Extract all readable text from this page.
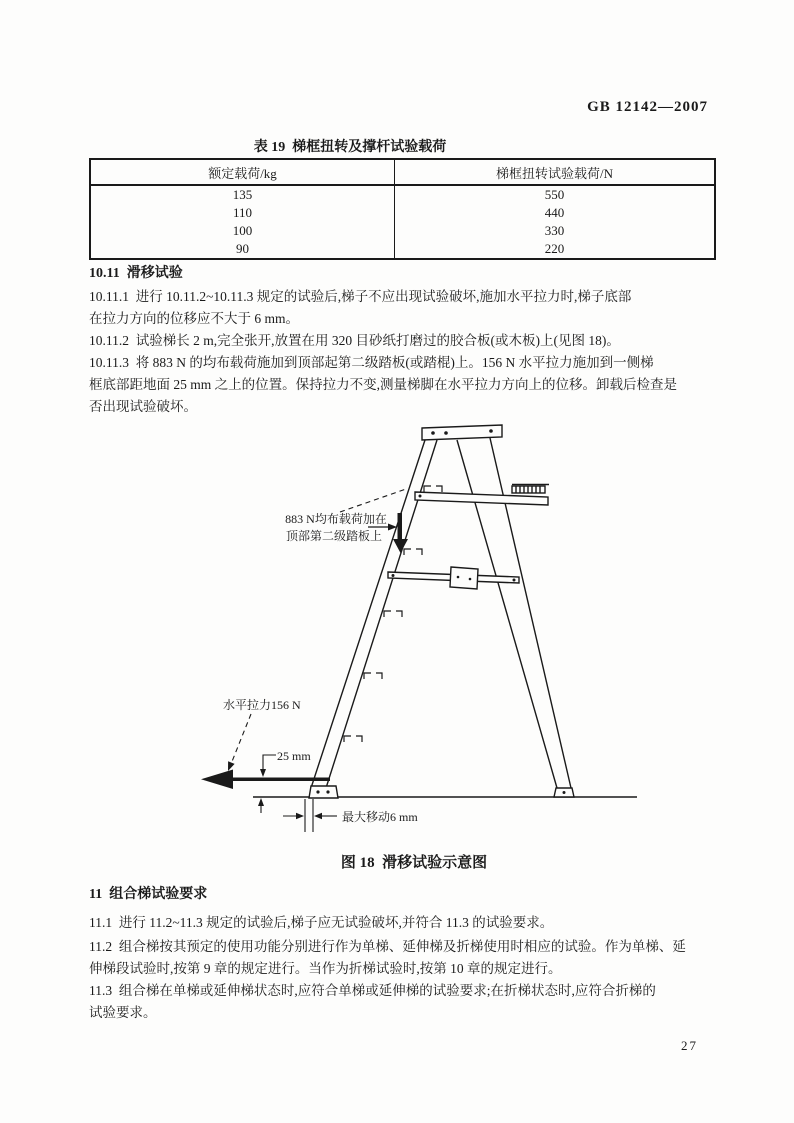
GB 12142—2007
表 19  梯框扭转及撑杆试验载荷
额定载荷/kg	梯框扭转试验载荷/N
135	550
110	440
100	330
90	220
10.11  滑移试验
10.11.1  进行 10.11.2~10.11.3 规定的试验后,梯子不应出现试验破坏,施加水平拉力时,梯子底部
在拉力方向的位移应不大于 6 mm。
10.11.2  试验梯长 2 m,完全张开,放置在用 320 目砂纸打磨过的胶合板(或木板)上(见图 18)。
10.11.3  将 883 N 的均布载荷施加到顶部起第二级踏板(或踏棍)上。156 N 水平拉力施加到一侧梯
框底部距地面 25 mm 之上的位置。保持拉力不变,测量梯脚在水平拉力方向上的位移。卸载后检查是
否出现试验破坏。
883 N均布载荷加在
顶部第二级踏板上
水平拉力156 N
25 mm
最大移动6 mm
图 18  滑移试验示意图
11  组合梯试验要求
11.1  进行 11.2~11.3 规定的试验后,梯子应无试验破坏,并符合 11.3 的试验要求。
11.2  组合梯按其预定的使用功能分别进行作为单梯、延伸梯及折梯使用时相应的试验。作为单梯、延
伸梯段试验时,按第 9 章的规定进行。当作为折梯试验时,按第 10 章的规定进行。
11.3  组合梯在单梯或延伸梯状态时,应符合单梯或延伸梯的试验要求;在折梯状态时,应符合折梯的
试验要求。
27
